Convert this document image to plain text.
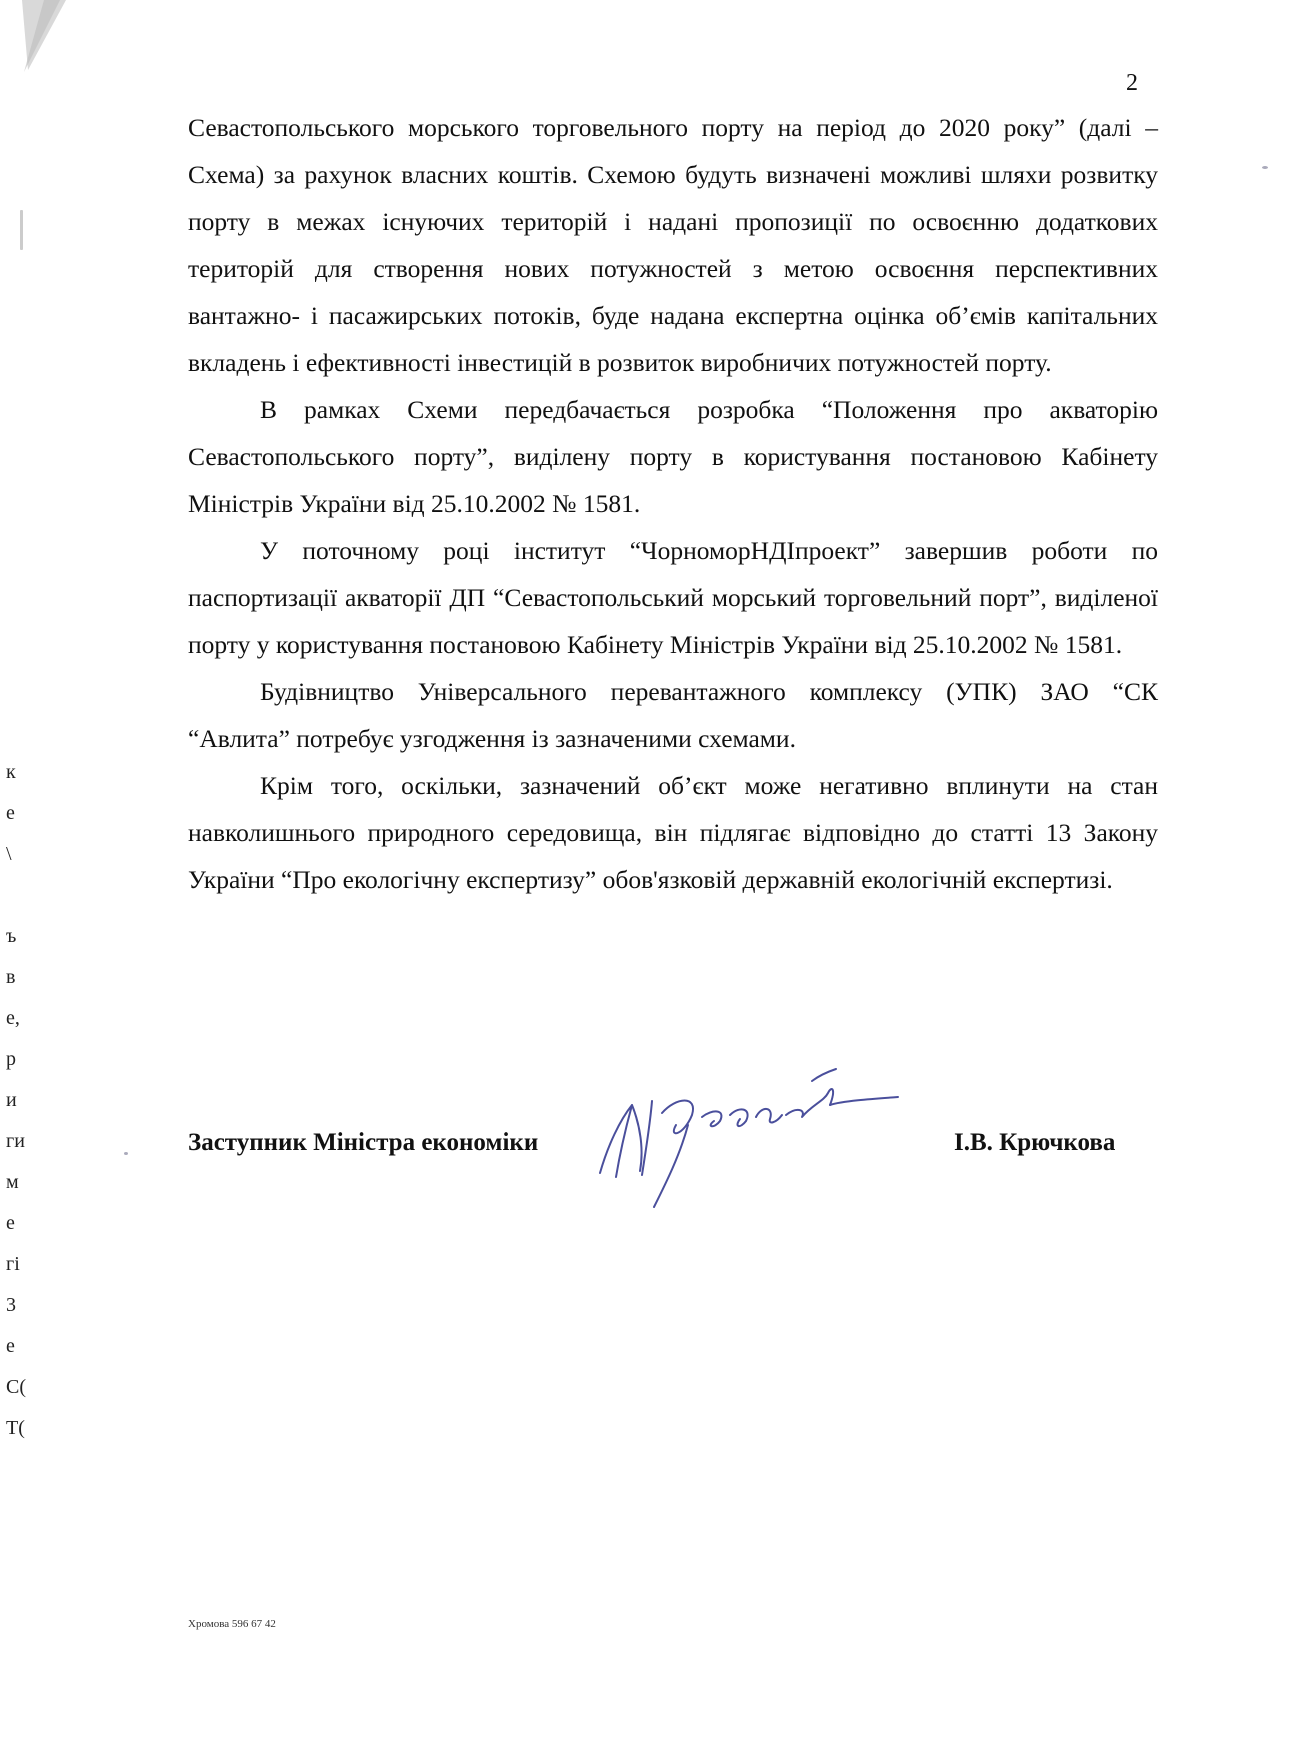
2

Севастопольського морського торговельного порту на період до 2020 року” (далі – Схема) за рахунок власних коштів. Схемою будуть визначені можливі шляхи розвитку порту в межах існуючих територій і надані пропозиції по освоєнню додаткових територій для створення нових потужностей з метою освоєння перспективних вантажно- і пасажирських потоків, буде надана експертна оцінка об’ємів капітальних вкладень і ефективності інвестицій в розвиток виробничих потужностей порту.

В рамках Схеми передбачається розробка “Положення про акваторію Севастопольського порту”, виділену порту в користування постановою Кабінету Міністрів України від 25.10.2002 № 1581.

У поточному році інститут “ЧорноморНДІпроект” завершив роботи по паспортизації акваторії ДП “Севастопольський морський торговельний порт”, виділеної порту у користування постановою Кабінету Міністрів України від 25.10.2002 № 1581.

Будівництво Універсального перевантажного комплексу (УПК) ЗАО “СК “Авлита” потребує узгодження із зазначеними схемами.

Крім того, оскільки, зазначений об’єкт може негативно вплинути на стан навколишнього природного середовища, він підлягає відповідно до статті 13 Закону України “Про екологічну експертизу” обов'язковій державній екологічній експертизі.

Заступник Міністра економіки	І.В. Крючкова
Хромова 596 67 42
к
е
\
ъ
в
е,
р
и
ги
м
е
гі
3
е
С(
Т(
